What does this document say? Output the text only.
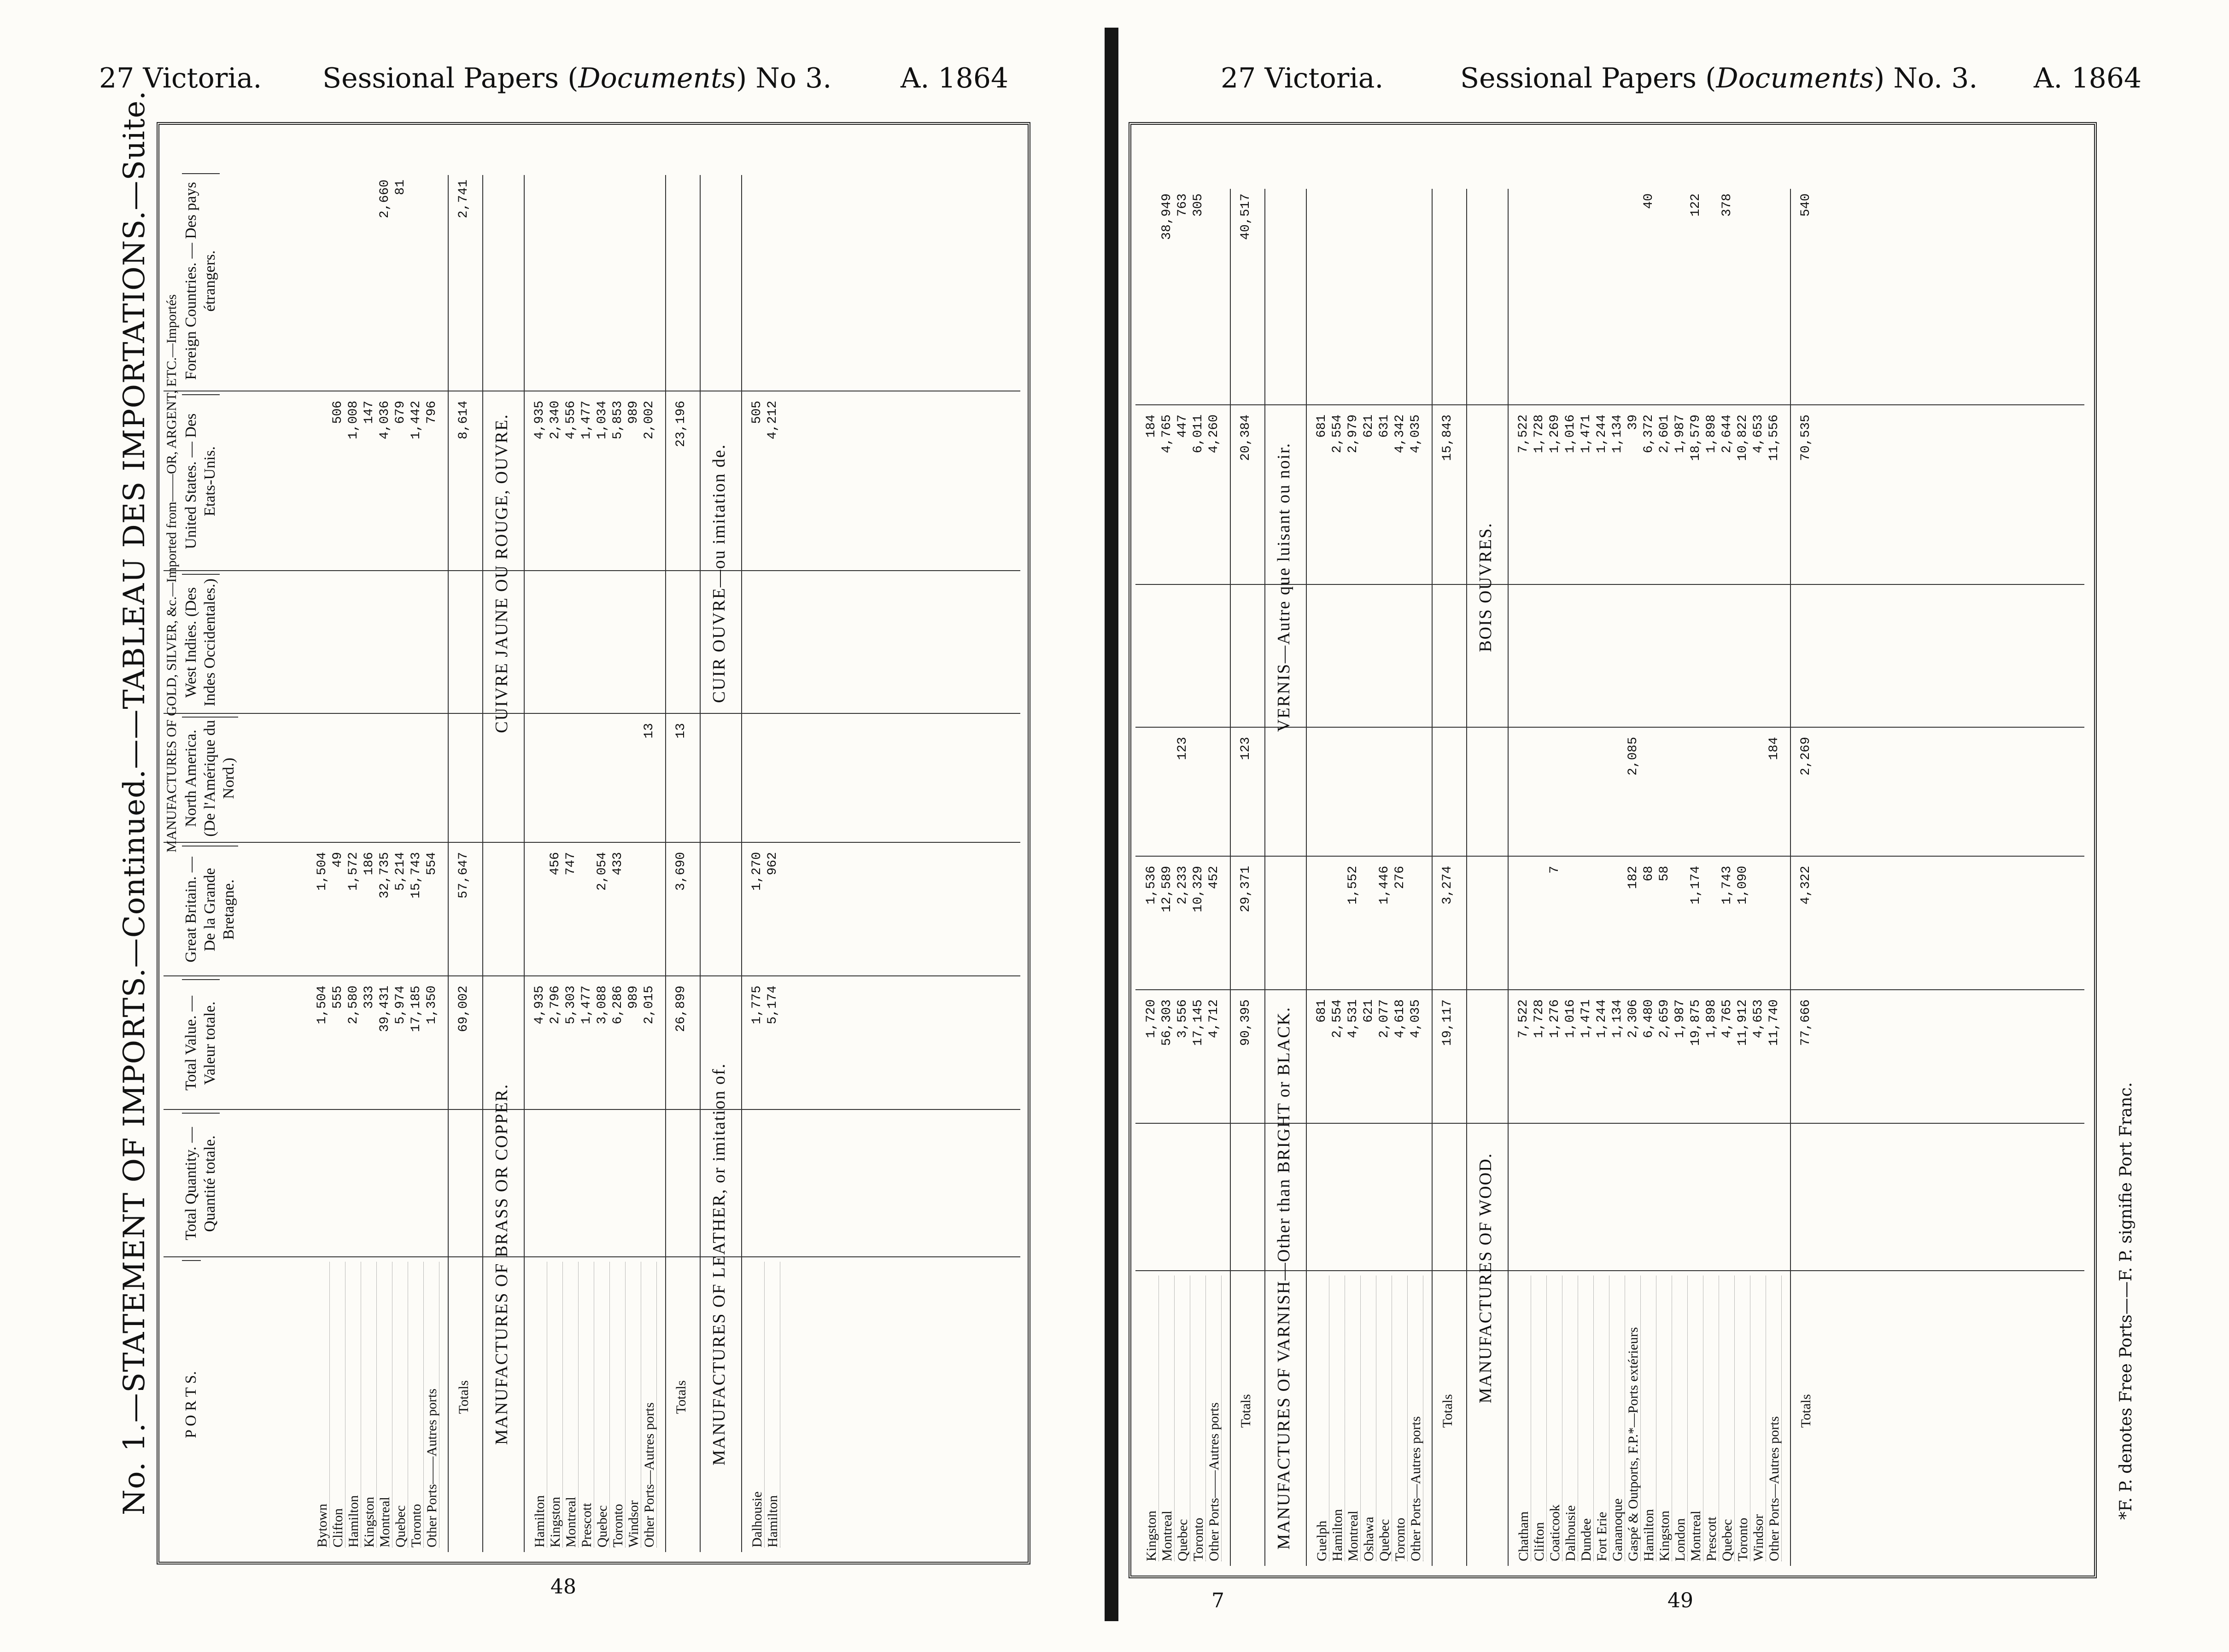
27 Victoria. Sessional Papers (Documents) No 3. A. 1864
No. 1.—STATEMENT OF IMPORTS.—Continued.——TABLEAU DES IMPORTATIONS.—Suite. P O R T S.
Total Quantity. — Quantité totale.
Total Value. — Valeur totale.
Great Britain. — De la Grande Bretagne.
North America. (De l'Amérique du Nord.)
West Indies. (Des Indes Occidentales.)
United States. — Des Etats-Unis.
Foreign Countries. — Des pays étrangers.
MANUFACTURES OF GOLD, SILVER, &c.—Imported from——OR, ARGENT, ETC.—Importés
Bytown
1,504
1,504
Clifton
555
49
506
Hamilton
2,580
1,572
1,008
Kingston
333
186
147
Montreal
39,431
32,735
4,036
2,660
Quebec
5,974
5,214
679
81
Toronto
17,185
15,743
1,442
Other Ports——Autres ports
1,350
554
796
Totals
69,002
57,647
8,614
2,741
MANUFACTURES OF BRASS OR COPPER.
CUIVRE JAUNE OU ROUGE, OUVRE.
Hamilton
4,935
4,935
Kingston
2,796
456
2,340
Montreal
5,303
747
4,556
Prescott
1,477
1,477
Quebec
3,088
2,054
1,034
Toronto
6,286
433
5,853
Windsor
989
989
Other Ports—Autres ports
2,015
13
2,002
Totals
26,899
3,690
13
23,196
MANUFACTURES OF LEATHER, or imitation of.
CUIR OUVRE—ou imitation de.
Dalhousie
1,775
1,270
505
Hamilton
5,174
962
4,212
48
27 Victoria.	Sessional Papers (Documents) No. 3. A. 1864
Kingston
1,720
1,536
184
Montreal
56,303
12,589
4,765
38,949
Quebec
3,556
2,233
123
447
763
Toronto
17,145
10,329
6,011
305
Other Ports——Autres ports
4,712
452
4,260
Totals
90,395
29,371
123
20,384
40,517
MANUFACTURES OF VARNISH—Other than BRIGHT or BLACK.
VERNIS—Autre que luisant ou noir.
Guelph
681
681
Hamilton
2,554
2,554
Montreal
4,531
1,552
2,979
Oshawa
621
621
Quebec
2,077
1,446
631
Toronto
4,618
276
4,342
Other Ports—Autres ports
4,035
4,035
Totals
19,117
3,274
15,843
MANUFACTURES OF WOOD.
BOIS OUVRES.
Chatham
7,522
7,522
Clifton
1,728
1,728
Coaticook
1,276
7
1,269
Dalhousie
1,016
1,016
Dundee
1,471
1,471
Fort Erie
1,244
1,244
Gananoque
1,134
1,134
Gaspé & Outports, F.P.*—Ports extérieurs
2,306
182
2,085
39
Hamilton
6,480
68
6,372
40
Kingston
2,659
58
2,601
London
1,987
1,987
Montreal
19,875
1,174
18,579
122
Prescott
1,898
1,898
Quebec
4,765
1,743
2,644
378
Toronto
11,912
1,090
10,822
Windsor
4,653
4,653
Other Ports—Autres ports
11,740
184
11,556
Totals
77,666
4,322
2,269
70,535
540
7	49
*F. P. denotes Free Ports——F. P. signifie Port Franc.
